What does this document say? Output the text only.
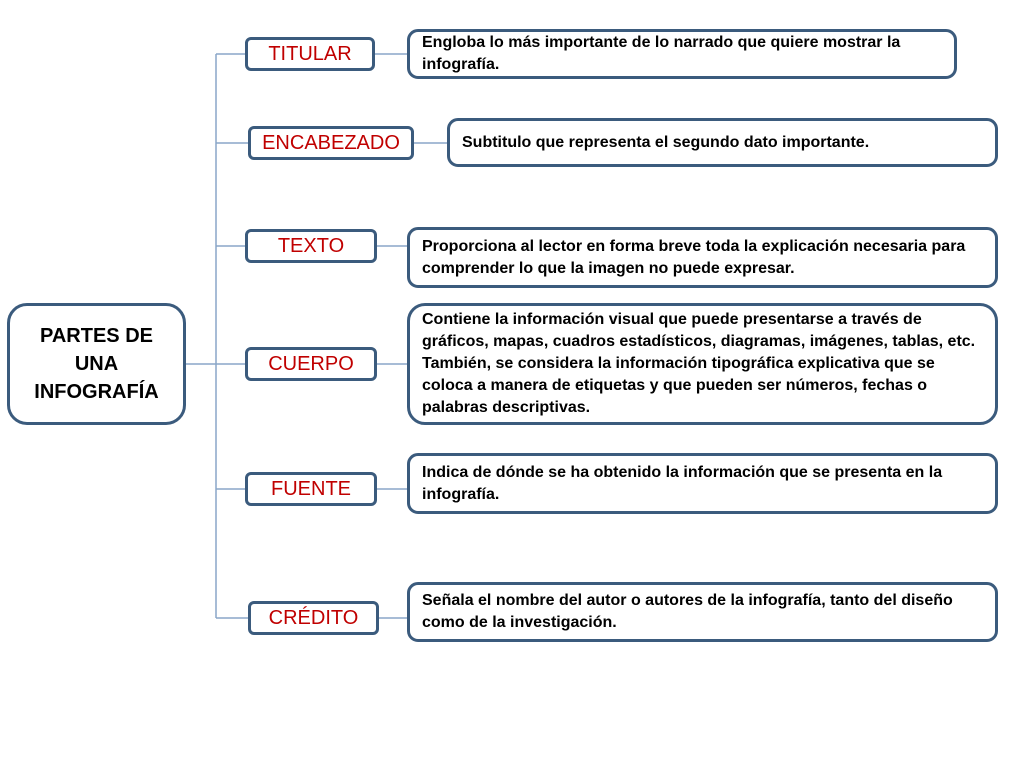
PARTES DE UNA INFOGRAFÍA
TITULAR	Engloba lo más importante de lo narrado que quiere mostrar la infografía.
ENCABEZADO	Subtitulo que representa el segundo dato importante.
TEXTO	Proporciona al lector en forma breve toda la explicación necesaria para comprender lo que la imagen no puede expresar.
CUERPO
Contiene la información visual que puede presentarse a través de gráficos, mapas, cuadros estadísticos, diagramas, imágenes, tablas, etc. También, se considera la información tipográfica explicativa que se coloca a manera de etiquetas y que pueden ser números, fechas o palabras descriptivas.
FUENTE
Indica de dónde se ha obtenido la información que se presenta en la infografía.
CRÉDITO
Señala el nombre del autor o autores de la infografía, tanto del diseño como de la investigación.
